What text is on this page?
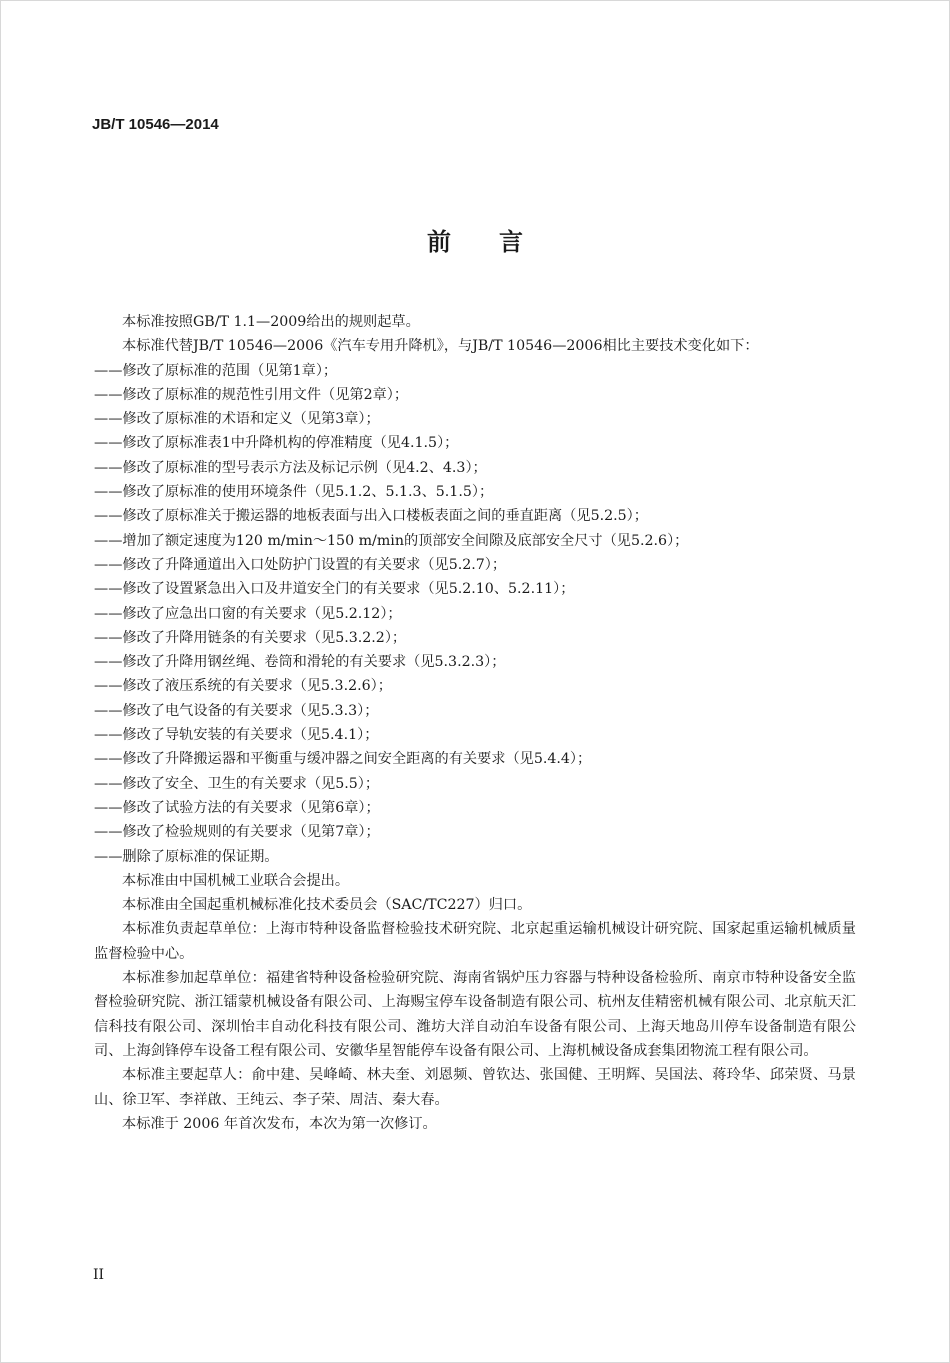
JB/T 10546—2014
前言

本标准按照GB/T 1.1—2009给出的规则起草。

本标准代替JB/T 10546—2006《汽车专用升降机》，与JB/T 10546—2006相比主要技术变化如下：

——修改了原标准的范围（见第1章）；

——修改了原标准的规范性引用文件（见第2章）；

——修改了原标准的术语和定义（见第3章）；

——修改了原标准表1中升降机构的停准精度（见4.1.5）；

——修改了原标准的型号表示方法及标记示例（见4.2、4.3）；

——修改了原标准的使用环境条件（见5.1.2、5.1.3、5.1.5）；

——修改了原标准关于搬运器的地板表面与出入口楼板表面之间的垂直距离（见5.2.5）；

——增加了额定速度为120 m/min～150 m/min的顶部安全间隙及底部安全尺寸（见5.2.6）；

——修改了升降通道出入口处防护门设置的有关要求（见5.2.7）；

——修改了设置紧急出入口及井道安全门的有关要求（见5.2.10、5.2.11）；

——修改了应急出口窗的有关要求（见5.2.12）；

——修改了升降用链条的有关要求（见5.3.2.2）；

——修改了升降用钢丝绳、卷筒和滑轮的有关要求（见5.3.2.3）；

——修改了液压系统的有关要求（见5.3.2.6）；

——修改了电气设备的有关要求（见5.3.3）；

——修改了导轨安装的有关要求（见5.4.1）；

——修改了升降搬运器和平衡重与缓冲器之间安全距离的有关要求（见5.4.4）；

——修改了安全、卫生的有关要求（见5.5）；

——修改了试验方法的有关要求（见第6章）；

——修改了检验规则的有关要求（见第7章）；

——删除了原标准的保证期。

本标准由中国机械工业联合会提出。

本标准由全国起重机械标准化技术委员会（SAC/TC227）归口。

本标准负责起草单位：上海市特种设备监督检验技术研究院、北京起重运输机械设计研究院、国家起重运输机械质量监督检验中心。

本标准参加起草单位：福建省特种设备检验研究院、海南省锅炉压力容器与特种设备检验所、南京市特种设备安全监督检验研究院、浙江镭蒙机械设备有限公司、上海赐宝停车设备制造有限公司、杭州友佳精密机械有限公司、北京航天汇信科技有限公司、深圳怡丰自动化科技有限公司、潍坊大洋自动泊车设备有限公司、上海天地岛川停车设备制造有限公司、上海剑锋停车设备工程有限公司、安徽华星智能停车设备有限公司、上海机械设备成套集团物流工程有限公司。

本标准主要起草人：俞中建、吴峰崎、林夫奎、刘恩频、曾钦达、张国健、王明辉、吴国法、蒋玲华、邱荣贤、马景山、徐卫军、李祥啟、王纯云、李子荣、周洁、秦大春。

本标准于 2006 年首次发布，本次为第一次修订。

II
